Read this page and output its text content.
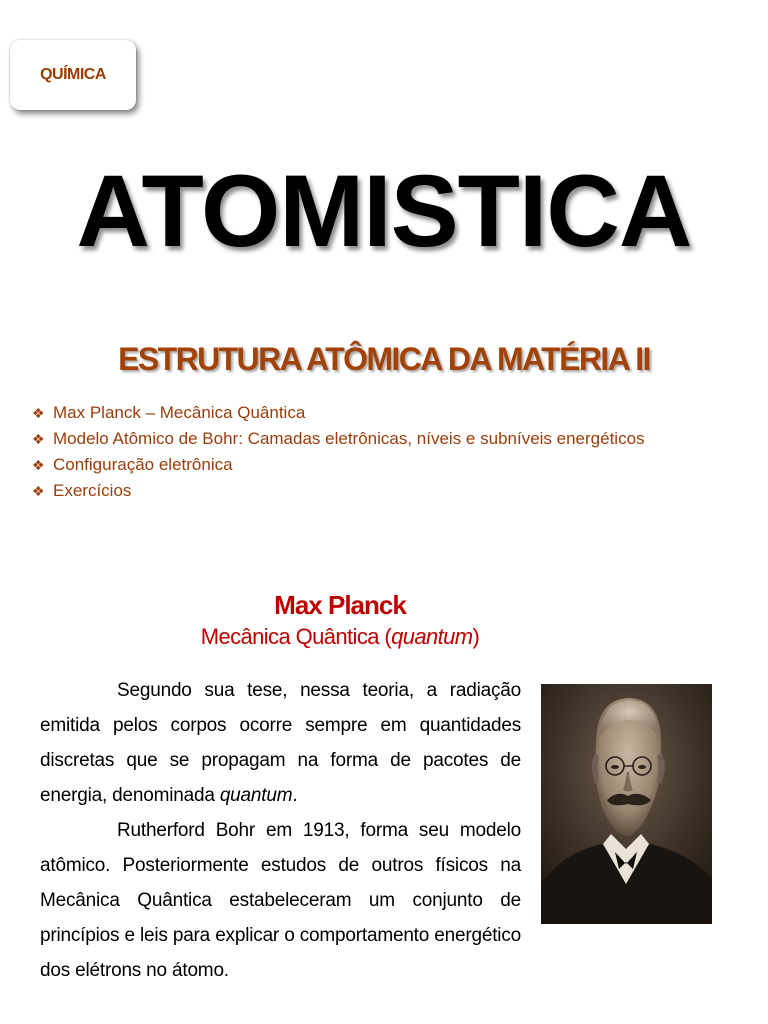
QUÍMICA
ATOMISTICA
ESTRUTURA ATÔMICA DA MATÉRIA II
❖ Max Planck – Mecânica Quântica
❖ Modelo Atômico de Bohr: Camadas eletrônicas, níveis e subníveis energéticos
❖ Configuração eletrônica
❖ Exercícios
Max Planck
Mecânica Quântica (quantum)

Segundo sua tese, nessa teoria, a radiação emitida pelos corpos ocorre sempre em quantidades discretas que se propagam na forma de pacotes de energia, denominada quantum.

Rutherford Bohr em 1913, forma seu modelo atômico. Posteriormente estudos de outros físicos na Mecânica Quântica estabeleceram um conjunto de princípios e leis para explicar o comportamento energético dos elétrons no átomo.
